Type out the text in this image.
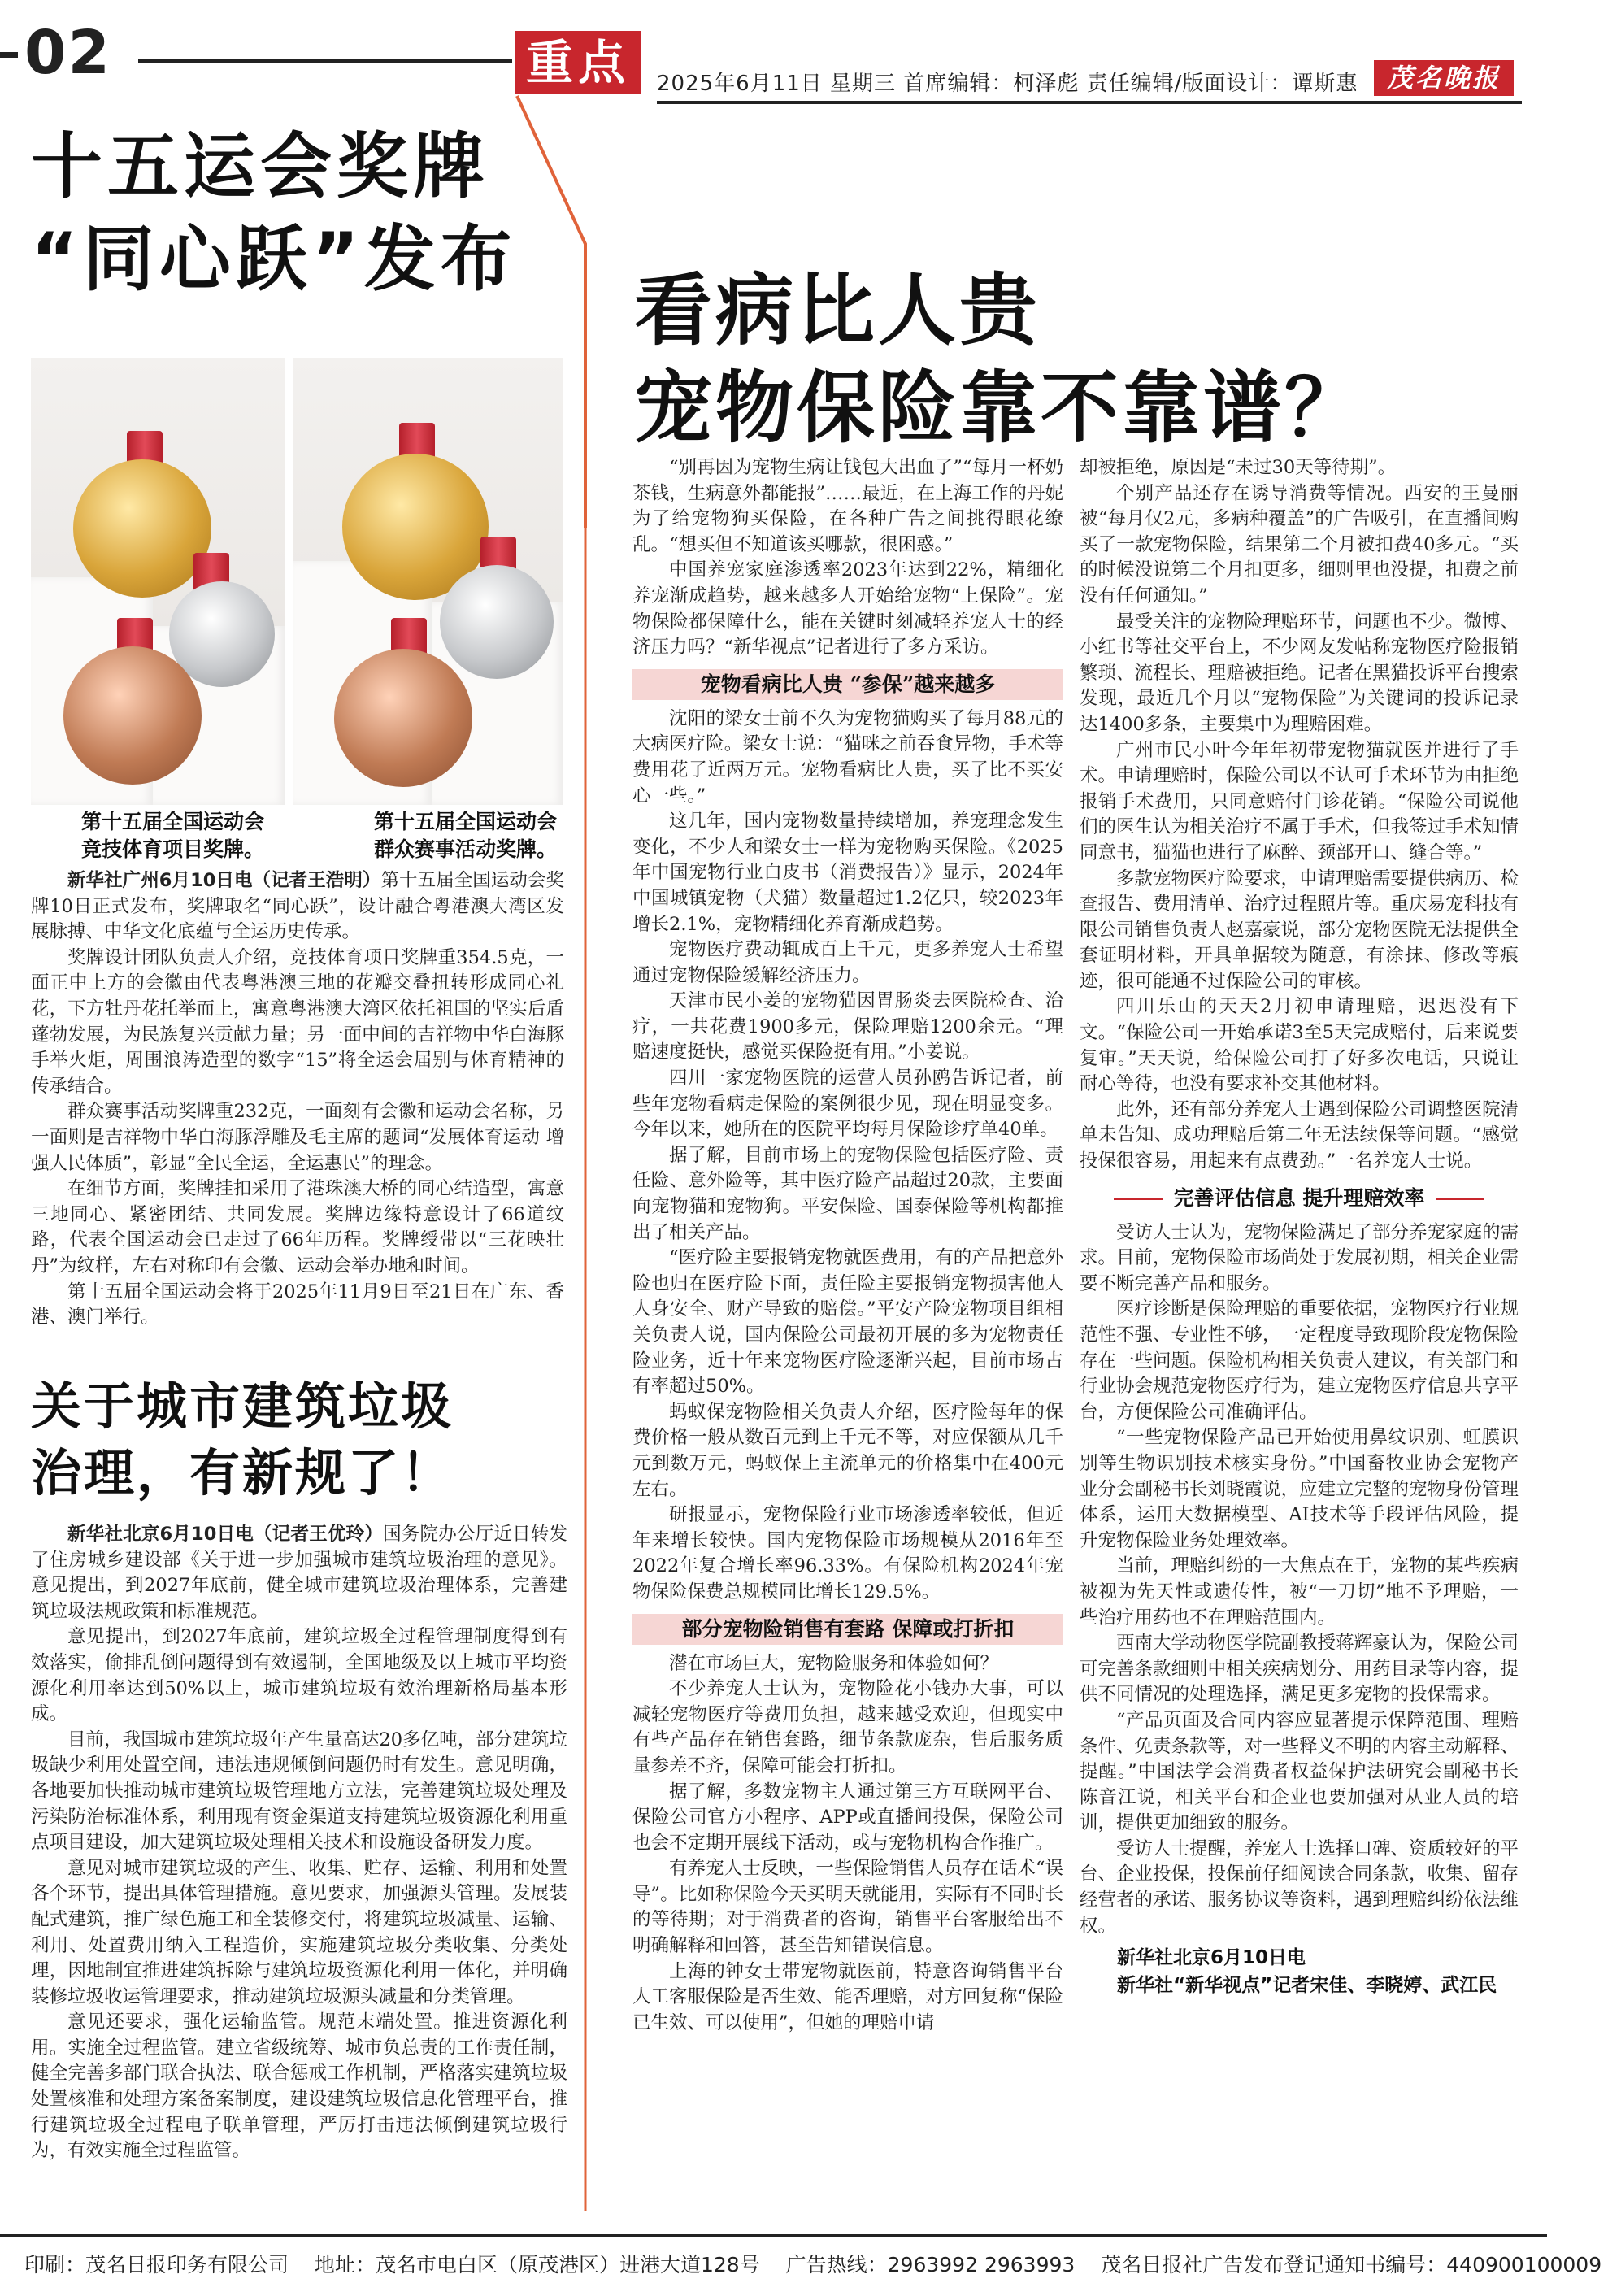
02	重点	2025年6月11日 星期三 首席编辑：柯泽彪 责任编辑/版面设计：谭斯惠	茂名晚报
十五运会奖牌
“同心跃”发布
第十五届全国运动会竞技体育项目奖牌。
第十五届全国运动会群众赛事活动奖牌。

新华社广州6月10日电（记者王浩明）第十五届全国运动会奖牌10日正式发布，奖牌取名“同心跃”，设计融合粤港澳大湾区发展脉搏、中华文化底蕴与全运历史传承。

奖牌设计团队负责人介绍，竞技体育项目奖牌重354.5克，一面正中上方的会徽由代表粤港澳三地的花瓣交叠扭转形成同心礼花，下方牡丹花托举而上，寓意粤港澳大湾区依托祖国的坚实后盾蓬勃发展，为民族复兴贡献力量；另一面中间的吉祥物中华白海豚手举火炬，周围浪涛造型的数字“15”将全运会届别与体育精神的传承结合。

群众赛事活动奖牌重232克，一面刻有会徽和运动会名称，另一面则是吉祥物中华白海豚浮雕及毛主席的题词“发展体育运动 增强人民体质”，彰显“全民全运，全运惠民”的理念。

在细节方面，奖牌挂扣采用了港珠澳大桥的同心结造型，寓意三地同心、紧密团结、共同发展。奖牌边缘特意设计了66道纹路，代表全国运动会已走过了66年历程。奖牌绶带以“三花映壮丹”为纹样，左右对称印有会徽、运动会举办地和时间。

第十五届全国运动会将于2025年11月9日至21日在广东、香港、澳门举行。

关于城市建筑垃圾
治理，有新规了！

新华社北京6月10日电（记者王优玲）国务院办公厅近日转发了住房城乡建设部《关于进一步加强城市建筑垃圾治理的意见》。意见提出，到2027年底前，健全城市建筑垃圾治理体系，完善建筑垃圾法规政策和标准规范。

意见提出，到2027年底前，建筑垃圾全过程管理制度得到有效落实，偷排乱倒问题得到有效遏制，全国地级及以上城市平均资源化利用率达到50%以上，城市建筑垃圾有效治理新格局基本形成。

目前，我国城市建筑垃圾年产生量高达20多亿吨，部分建筑垃圾缺少利用处置空间，违法违规倾倒问题仍时有发生。意见明确，各地要加快推动城市建筑垃圾管理地方立法，完善建筑垃圾处理及污染防治标准体系，利用现有资金渠道支持建筑垃圾资源化利用重点项目建设，加大建筑垃圾处理相关技术和设施设备研发力度。

意见对城市建筑垃圾的产生、收集、贮存、运输、利用和处置各个环节，提出具体管理措施。意见要求，加强源头管理。发展装配式建筑，推广绿色施工和全装修交付，将建筑垃圾减量、运输、利用、处置费用纳入工程造价，实施建筑垃圾分类收集、分类处理，因地制宜推进建筑拆除与建筑垃圾资源化利用一体化，并明确装修垃圾收运管理要求，推动建筑垃圾源头减量和分类管理。

意见还要求，强化运输监管。规范末端处置。推进资源化利用。实施全过程监管。建立省级统筹、城市负总责的工作责任制，健全完善多部门联合执法、联合惩戒工作机制，严格落实建筑垃圾处置核准和处理方案备案制度，建设建筑垃圾信息化管理平台，推行建筑垃圾全过程电子联单管理，严厉打击违法倾倒建筑垃圾行为，有效实施全过程监管。

看病比人贵
宠物保险靠不靠谱？

“别再因为宠物生病让钱包大出血了”“每月一杯奶茶钱，生病意外都能报”……最近，在上海工作的丹妮为了给宠物狗买保险，在各种广告之间挑得眼花缭乱。“想买但不知道该买哪款，很困惑。”

中国养宠家庭渗透率2023年达到22%，精细化养宠渐成趋势，越来越多人开始给宠物“上保险”。宠物保险都保障什么，能在关键时刻减轻养宠人士的经济压力吗？“新华视点”记者进行了多方采访。

宠物看病比人贵 “参保”越来越多

沈阳的梁女士前不久为宠物猫购买了每月88元的大病医疗险。梁女士说：“猫咪之前吞食异物，手术等费用花了近两万元。宠物看病比人贵，买了比不买安心一些。”

这几年，国内宠物数量持续增加，养宠理念发生变化，不少人和梁女士一样为宠物购买保险。《2025年中国宠物行业白皮书（消费报告）》显示，2024年中国城镇宠物（犬猫）数量超过1.2亿只，较2023年增长2.1%，宠物精细化养育渐成趋势。

宠物医疗费动辄成百上千元，更多养宠人士希望通过宠物保险缓解经济压力。

天津市民小姜的宠物猫因胃肠炎去医院检查、治疗，一共花费1900多元，保险理赔1200余元。“理赔速度挺快，感觉买保险挺有用。”小姜说。

四川一家宠物医院的运营人员孙鸥告诉记者，前些年宠物看病走保险的案例很少见，现在明显变多。今年以来，她所在的医院平均每月保险诊疗单40单。

据了解，目前市场上的宠物保险包括医疗险、责任险、意外险等，其中医疗险产品超过20款，主要面向宠物猫和宠物狗。平安保险、国泰保险等机构都推出了相关产品。

“医疗险主要报销宠物就医费用，有的产品把意外险也归在医疗险下面，责任险主要报销宠物损害他人人身安全、财产导致的赔偿。”平安产险宠物项目组相关负责人说，国内保险公司最初开展的多为宠物责任险业务，近十年来宠物医疗险逐渐兴起，目前市场占有率超过50%。

蚂蚁保宠物险相关负责人介绍，医疗险每年的保费价格一般从数百元到上千元不等，对应保额从几千元到数万元，蚂蚁保上主流单元的价格集中在400元左右。

研报显示，宠物保险行业市场渗透率较低，但近年来增长较快。国内宠物保险市场规模从2016年至2022年复合增长率96.33%。有保险机构2024年宠物保险保费总规模同比增长129.5%。

部分宠物险销售有套路 保障或打折扣

潜在市场巨大，宠物险服务和体验如何？

不少养宠人士认为，宠物险花小钱办大事，可以减轻宠物医疗等费用负担，越来越受欢迎，但现实中有些产品存在销售套路，细节条款庞杂，售后服务质量参差不齐，保障可能会打折扣。

据了解，多数宠物主人通过第三方互联网平台、保险公司官方小程序、APP或直播间投保，保险公司也会不定期开展线下活动，或与宠物机构合作推广。

有养宠人士反映，一些保险销售人员存在话术“误导”。比如称保险今天买明天就能用，实际有不同时长的等待期；对于消费者的咨询，销售平台客服给出不明确解释和回答，甚至告知错误信息。

上海的钟女士带宠物就医前，特意咨询销售平台人工客服保险是否生效、能否理赔，对方回复称“保险已生效、可以使用”，但她的理赔申请

却被拒绝，原因是“未过30天等待期”。

个别产品还存在诱导消费等情况。西安的王曼丽被“每月仅2元，多病种覆盖”的广告吸引，在直播间购买了一款宠物保险，结果第二个月被扣费40多元。“买的时候没说第二个月扣更多，细则里也没提，扣费之前没有任何通知。”

最受关注的宠物险理赔环节，问题也不少。微博、小红书等社交平台上，不少网友发帖称宠物医疗险报销繁琐、流程长、理赔被拒绝。记者在黑猫投诉平台搜索发现，最近几个月以“宠物保险”为关键词的投诉记录达1400多条，主要集中为理赔困难。

广州市民小叶今年年初带宠物猫就医并进行了手术。申请理赔时，保险公司以不认可手术环节为由拒绝报销手术费用，只同意赔付门诊花销。“保险公司说他们的医生认为相关治疗不属于手术，但我签过手术知情同意书，猫猫也进行了麻醉、颈部开口、缝合等。”

多款宠物医疗险要求，申请理赔需要提供病历、检查报告、费用清单、治疗过程照片等。重庆易宠科技有限公司销售负责人赵嘉豪说，部分宠物医院无法提供全套证明材料，开具单据较为随意，有涂抹、修改等痕迹，很可能通不过保险公司的审核。

四川乐山的天天2月初申请理赔，迟迟没有下文。“保险公司一开始承诺3至5天完成赔付，后来说要复审。”天天说，给保险公司打了好多次电话，只说让耐心等待，也没有要求补交其他材料。

此外，还有部分养宠人士遇到保险公司调整医院清单未告知、成功理赔后第二年无法续保等问题。“感觉投保很容易，用起来有点费劲。”一名养宠人士说。

完善评估信息 提升理赔效率

受访人士认为，宠物保险满足了部分养宠家庭的需求。目前，宠物保险市场尚处于发展初期，相关企业需要不断完善产品和服务。

医疗诊断是保险理赔的重要依据，宠物医疗行业规范性不强、专业性不够，一定程度导致现阶段宠物保险存在一些问题。保险机构相关负责人建议，有关部门和行业协会规范宠物医疗行为，建立宠物医疗信息共享平台，方便保险公司准确评估。

“一些宠物保险产品已开始使用鼻纹识别、虹膜识别等生物识别技术核实身份。”中国畜牧业协会宠物产业分会副秘书长刘晓霞说，应建立完整的宠物身份管理体系，运用大数据模型、AI技术等手段评估风险，提升宠物保险业务处理效率。

当前，理赔纠纷的一大焦点在于，宠物的某些疾病被视为先天性或遗传性，被“一刀切”地不予理赔，一些治疗用药也不在理赔范围内。

西南大学动物医学院副教授蒋辉豪认为，保险公司可完善条款细则中相关疾病划分、用药目录等内容，提供不同情况的处理选择，满足更多宠物的投保需求。

“产品页面及合同内容应显著提示保障范围、理赔条件、免责条款等，对一些释义不明的内容主动解释、提醒。”中国法学会消费者权益保护法研究会副秘书长陈音江说，相关平台和企业也要加强对从业人员的培训，提供更加细致的服务。

受访人士提醒，养宠人士选择口碑、资质较好的平台、企业投保，投保前仔细阅读合同条款，收集、留存经营者的承诺、服务协议等资料，遇到理赔纠纷依法维权。

新华社北京6月10日电
新华社“新华视点”记者宋佳、李晓婷、武江民
印刷：茂名日报印务有限公司 地址：茂名市电白区（原茂港区）进港大道128号 广告热线：2963992 2963993 茂名日报社广告发布登记通知书编号：440900100009
